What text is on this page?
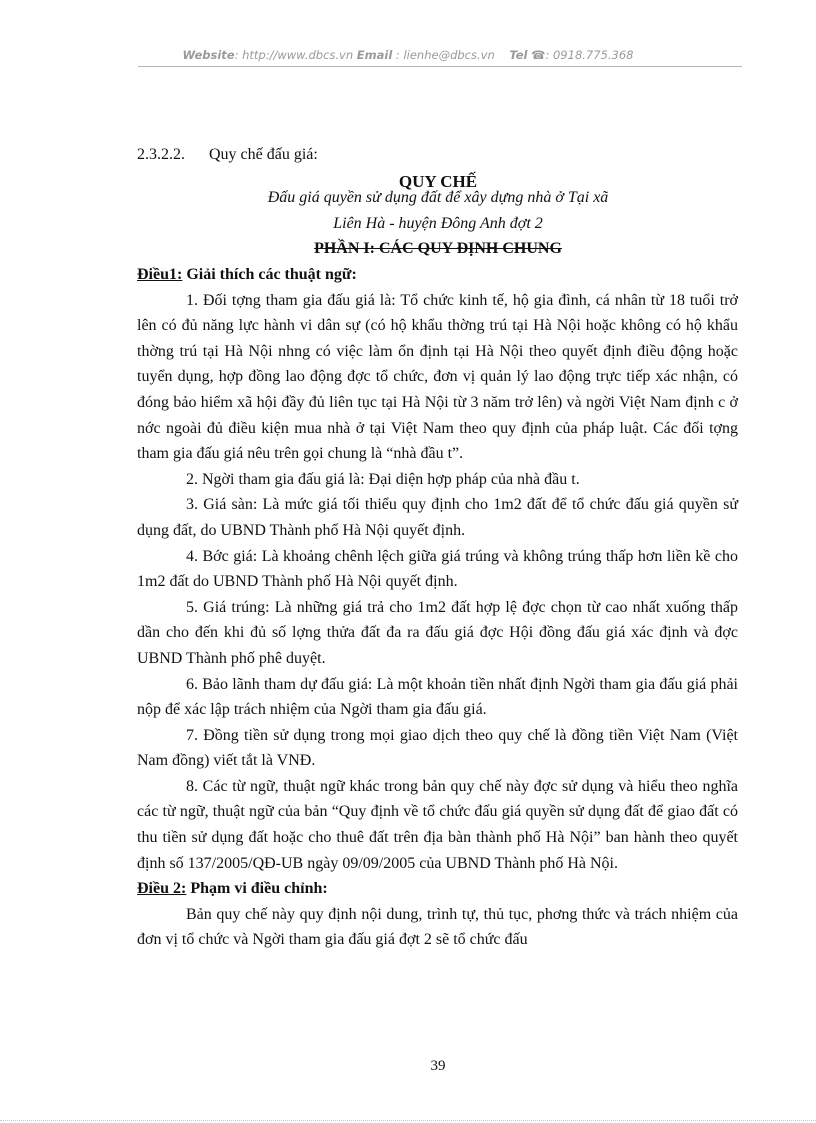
Website: http://www.dbcs.vn Email : lienhe@dbcs.vn Tel ☎: 0918.775.368
2.3.2.2. Quy chế đấu giá:
QUY CHẾ
Đấu giá quyền sử dụng đất để xây dựng nhà ở Tại xã
Liên Hà - huyện Đông Anh đợt 2
PHẦN I: CÁC QUY ĐỊNH CHUNG

Điều1: Giải thích các thuật ngữ:

1. Đối tợng tham gia đấu giá là: Tổ chức kinh tế, hộ gia đình, cá nhân từ 18 tuổi trở lên có đủ năng lực hành vi dân sự (có hộ khẩu thờng trú tại Hà Nội hoặc không có hộ khẩu thờng trú tại Hà Nội nhng có việc làm ổn định tại Hà Nội theo quyết định điều động hoặc tuyển dụng, hợp đồng lao động đợc tổ chức, đơn vị quản lý lao động trực tiếp xác nhận, có đóng bảo hiểm xã hội đầy đủ liên tục tại Hà Nội từ 3 năm trở lên) và ngời Việt Nam định c ở nớc ngoài đủ điều kiện mua nhà ở tại Việt Nam theo quy định của pháp luật. Các đối tợng tham gia đấu giá nêu trên gọi chung là “nhà đầu t”.

2. Ngời tham gia đấu giá là: Đại diện hợp pháp của nhà đầu t.

3. Giá sàn: Là mức giá tối thiểu quy định cho 1m2 đất để tổ chức đấu giá quyền sử dụng đất, do UBND Thành phố Hà Nội quyết định.

4. Bớc giá: Là khoảng chênh lệch giữa giá trúng và không trúng thấp hơn liền kề cho 1m2 đất do UBND Thành phố Hà Nội quyết định.

5. Giá trúng: Là những giá trả cho 1m2 đất hợp lệ đợc chọn từ cao nhất xuống thấp dần cho đến khi đủ số lợng thửa đất đa ra đấu giá đợc Hội đồng đấu giá xác định và đợc UBND Thành phố phê duyệt.

6. Bảo lãnh tham dự đấu giá: Là một khoản tiền nhất định Ngời tham gia đấu giá phải nộp để xác lập trách nhiệm của Ngời tham gia đấu giá.

7. Đồng tiền sử dụng trong mọi giao dịch theo quy chế là đồng tiền Việt Nam (Việt Nam đồng) viết tắt là VNĐ.

8. Các từ ngữ, thuật ngữ khác trong bản quy chế này đợc sử dụng và hiểu theo nghĩa các từ ngữ, thuật ngữ của bản “Quy định về tổ chức đấu giá quyền sử dụng đất để giao đất có thu tiền sử dụng đất hoặc cho thuê đất trên địa bàn thành phố Hà Nội” ban hành theo quyết định số 137/2005/QĐ-UB ngày 09/09/2005 của UBND Thành phố Hà Nội.

Điều 2: Phạm vi điều chỉnh:

Bản quy chế này quy định nội dung, trình tự, thủ tục, phơng thức và trách nhiệm của đơn vị tổ chức và Ngời tham gia đấu giá đợt 2 sẽ tổ chức đấu

39
